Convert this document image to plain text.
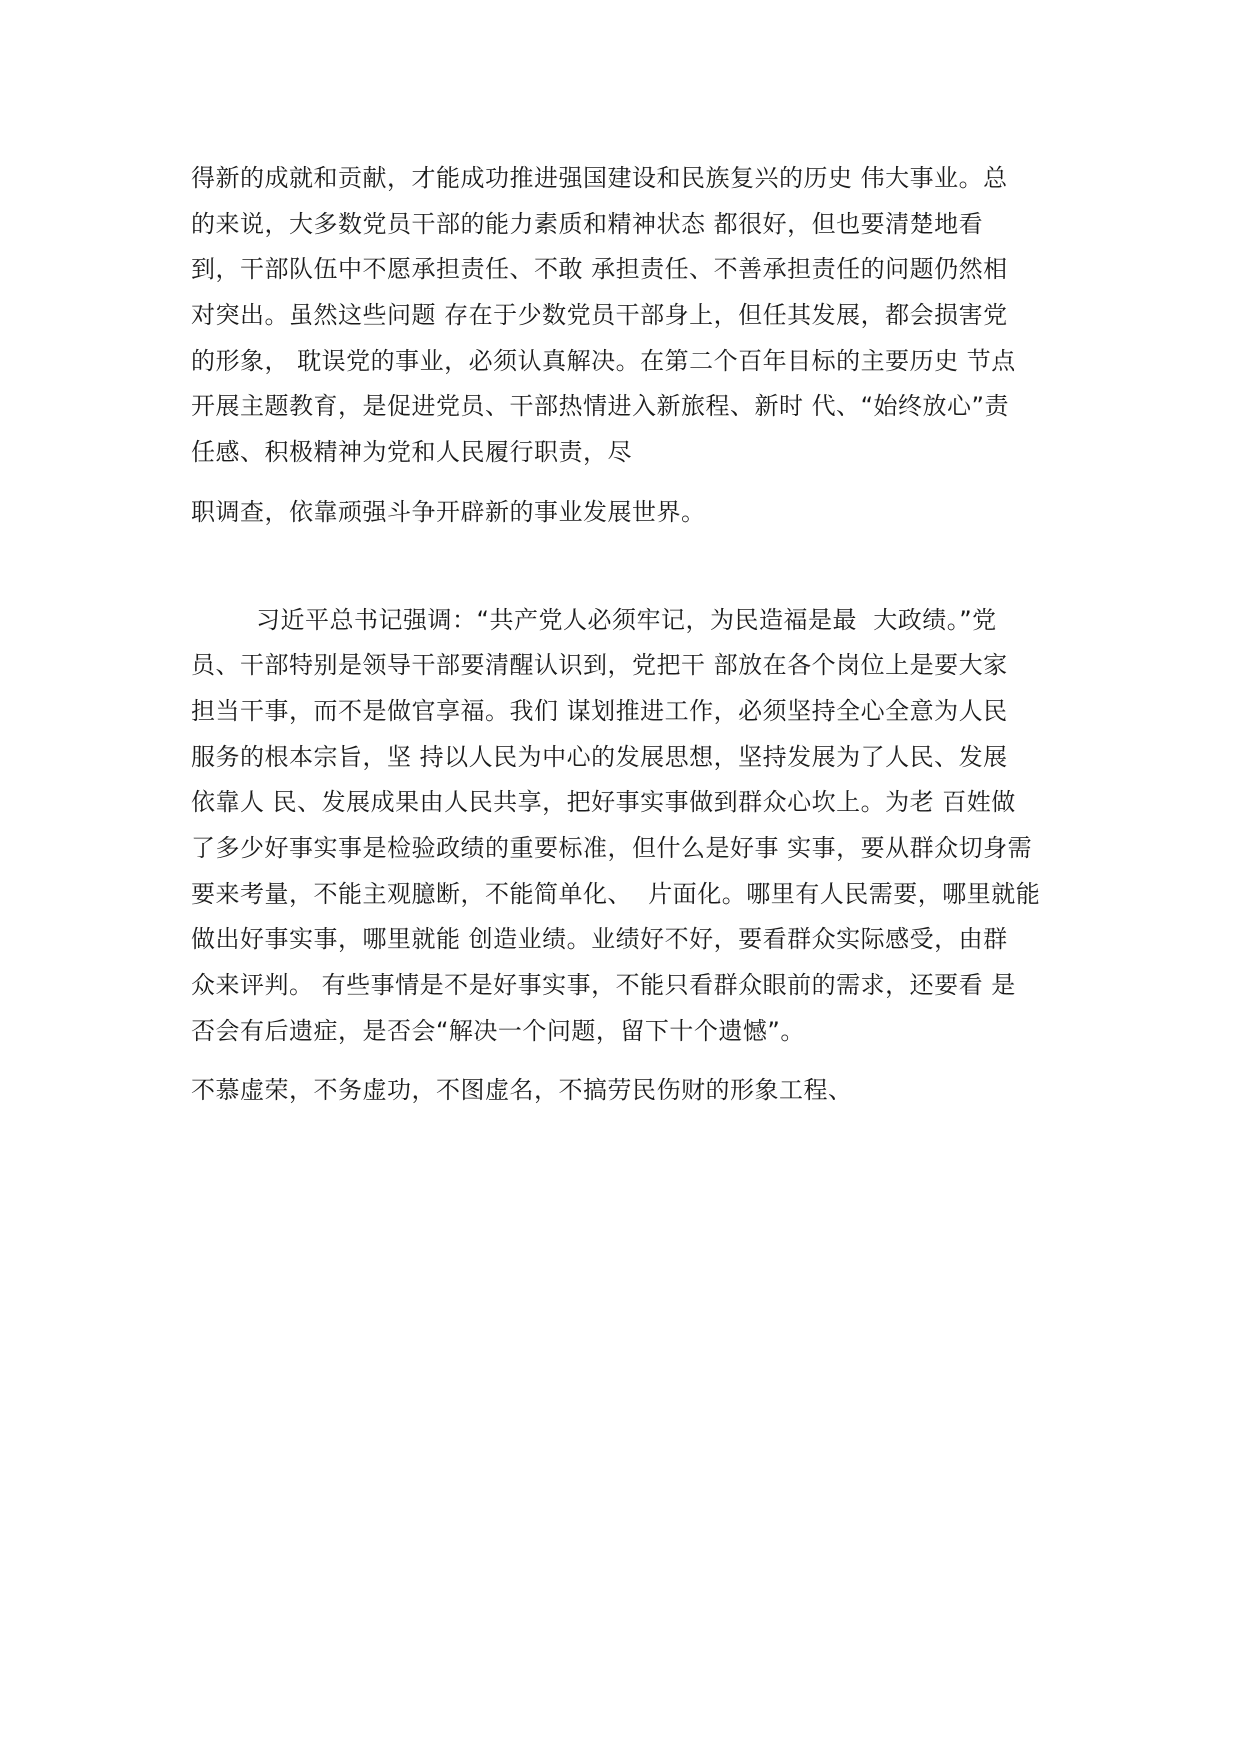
得新的成就和贡献，才能成功推进强国建设和民族复兴的历史 伟大事业。总
的来说，大多数党员干部的能力素质和精神状态 都很好，但也要清楚地看
到，干部队伍中不愿承担责任、不敢 承担责任、不善承担责任的问题仍然相
对突出。虽然这些问题 存在于少数党员干部身上，但任其发展，都会损害党
的形象， 耽误党的事业，必须认真解决。在第二个百年目标的主要历史 节点
开展主题教育，是促进党员、干部热情进入新旅程、新时 代、“始终放心”责
任感、积极精神为党和人民履行职责，尽
职调查，依靠顽强斗争开辟新的事业发展世界。
习近平总书记强调：“共产党人必须牢记，为民造福是最  大政绩。”党
员、干部特别是领导干部要清醒认识到，党把干 部放在各个岗位上是要大家
担当干事，而不是做官享福。我们 谋划推进工作，必须坚持全心全意为人民
服务的根本宗旨，坚 持以人民为中心的发展思想，坚持发展为了人民、发展
依靠人 民、发展成果由人民共享，把好事实事做到群众心坎上。为老 百姓做
了多少好事实事是检验政绩的重要标准，但什么是好事 实事，要从群众切身需
要来考量，不能主观臆断，不能简单化、  片面化。哪里有人民需要，哪里就能
做出好事实事，哪里就能 创造业绩。业绩好不好，要看群众实际感受，由群
众来评判。 有些事情是不是好事实事，不能只看群众眼前的需求，还要看 是
否会有后遗症，是否会“解决一个问题，留下十个遗憾”。
不慕虚荣，不务虚功，不图虚名，不搞劳民伤财的形象工程、
